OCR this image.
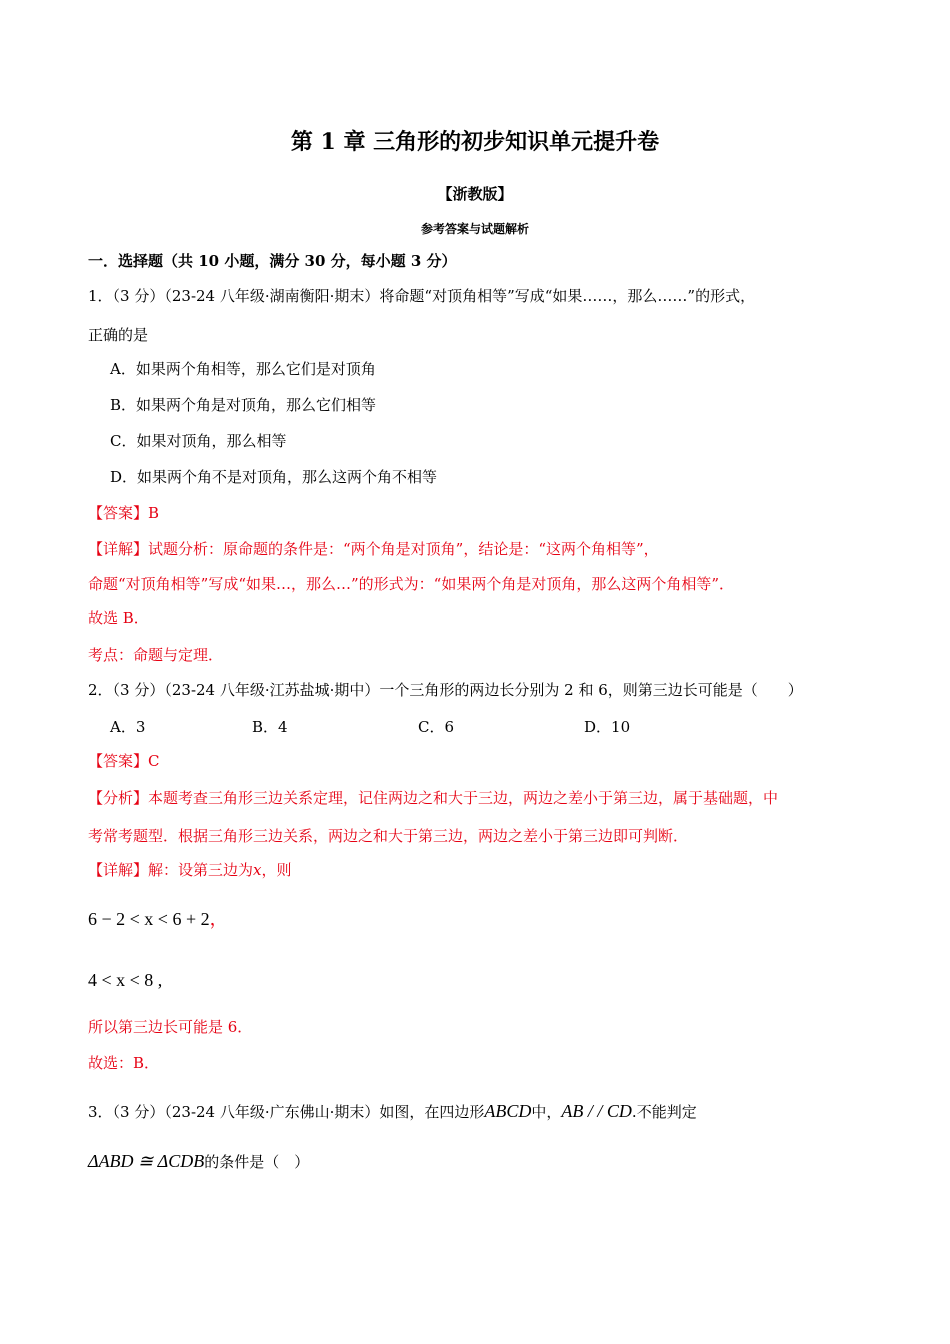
第 1 章 三角形的初步知识单元提升卷
【浙教版】
参考答案与试题解析
一．选择题（共 10 小题，满分 30 分，每小题 3 分）
1．（3 分）（23-24 八年级·湖南衡阳·期末）将命题“对顶角相等”写成“如果……，那么……”的形式，
正确的是
A．如果两个角相等，那么它们是对顶角
B．如果两个角是对顶角，那么它们相等
C．如果对顶角，那么相等
D．如果两个角不是对顶角，那么这两个角不相等
【答案】B
【详解】试题分析：原命题的条件是：“两个角是对顶角”，结论是：“这两个角相等”，
命题“对顶角相等”写成“如果…，那么…”的形式为：“如果两个角是对顶角，那么这两个角相等”．
故选 B．
考点：命题与定理．
2．（3 分）（23-24 八年级·江苏盐城·期中）一个三角形的两边长分别为 2 和 6，则第三边长可能是（　　）
A．3	B．4	C．6	D．10
【答案】C
【分析】本题考查三角形三边关系定理，记住两边之和大于三边，两边之差小于第三边，属于基础题，中
考常考题型．根据三角形三边关系，两边之和大于第三边，两边之差小于第三边即可判断．
【详解】解：设第三边为x，则
6 − 2 < x < 6 + 2，
4 < x < 8 ,
所以第三边长可能是 6．
故选：B．
3．（3 分）（23-24 八年级·广东佛山·期末）如图，在四边形ABCD中，AB / / CD.不能判定
ΔABD ≅ ΔCDB的条件是（　）
